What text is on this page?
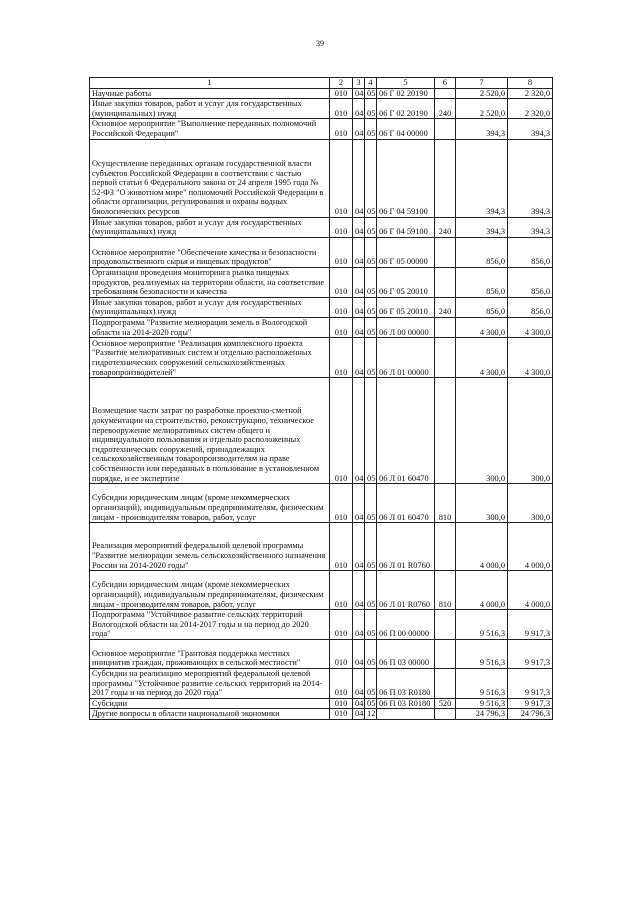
39
1	2	3	4	5	6	7	8
Научные работы	010	04	05	06 Г 02 20190		2 520,0	2 320,0
Иные закупки товаров, работ и услуг для государственных (муниципальных) нужд	010	04	05	06 Г 02 20190	240	2 520,0	2 320,0
Основное мероприятие "Выполнение переданных полномочий Российской Федерации"	010	04	05	06 Г 04 00000		394,3	394,3
Осуществление переданных органам государственной власти субъектов Российской Федерации в соответствии с частью первой статьи 6 Федерального закона от 24 апреля 1995 года № 52-ФЗ "О животном мире" полномочий Российской Федерации в области организации, регулирования и охраны водных биологических ресурсов	010	04	05	06 Г 04 59100		394,3	394,3
Иные закупки товаров, работ и услуг для государственных (муниципальных) нужд	010	04	05	06 Г 04 59100	240	394,3	394,3
Основное мероприятие "Обеспечение качества и безопасности продовольственного сырья и пищевых продуктов"	010	04	05	06 Г 05 00000		856,0	856,0
Организация проведения мониторинга рынка пищевых продуктов, реализуемых на территории области, на соответствие требованиям безопасности и качества	010	04	05	06 Г 05 20010		856,0	856,0
Иные закупки товаров, работ и услуг для государственных (муниципальных) нужд	010	04	05	06 Г 05 20010	240	856,0	856,0
Подпрограмма "Развитие мелиорации земель в Вологодской области на 2014-2020 годы"	010	04	05	06 Л 00 00000		4 300,0	4 300,0
Основное мероприятие "Реализация комплексного проекта "Развитие мелиоративных систем и отдельно расположенных гидротехнических сооружений сельскохозяйственных товаропроизводителей"	010	04	05	06 Л 01 00000		4 300,0	4 300,0
Возмещение части затрат по разработке проектно-сметной документации на строительство, реконструкцию, техническое перевооружение мелиоративных систем общего и индивидуального пользования и отдельно расположенных гидротехнических сооружений, принадлежащих сельскохозяйственным товаропроизводителям на праве собственности или переданных в пользование в установленном порядке, и ее экспертизе	010	04	05	06 Л 01 60470		300,0	300,0
Субсидии юридическим лицам (кроме некоммерческих организаций), индивидуальным предпринимателям, физическим лицам - производителям товаров, работ, услуг	010	04	05	06 Л 01 60470	810	300,0	300,0
Реализация мероприятий федеральной целевой программы "Развитие мелиорации земель сельскохозяйственного назначения России на 2014-2020 годы"	010	04	05	06 Л 01 R0760		4 000,0	4 000,0
Субсидии юридическим лицам (кроме некоммерческих организаций), индивидуальным предпринимателям, физическим лицам - производителям товаров, работ, услуг	010	04	05	06 Л 01 R0760	810	4 000,0	4 000,0
Подпрограмма "Устойчивое развитие сельских территорий Вологодской области на 2014-2017 годы и на период до 2020 года"	010	04	05	06 П 00 00000		9 516,3	9 917,3
Основное мероприятие "Грантовая поддержка местных инициатив граждан, проживающих в сельской местности"	010	04	05	06 П 03 00000		9 516,3	9 917,3
Субсидии на реализацию мероприятий федеральной целевой программы "Устойчивое развитие сельских территорий на 2014-2017 годы и на период до 2020 года"	010	04	05	06 П 03 R0180		9 516,3	9 917,3
Субсидии	010	04	05	06 П 03 R0180	520	9 516,3	9 917,3
Другие вопросы в области национальной экономики	010	04	12			24 796,3	24 796,3
